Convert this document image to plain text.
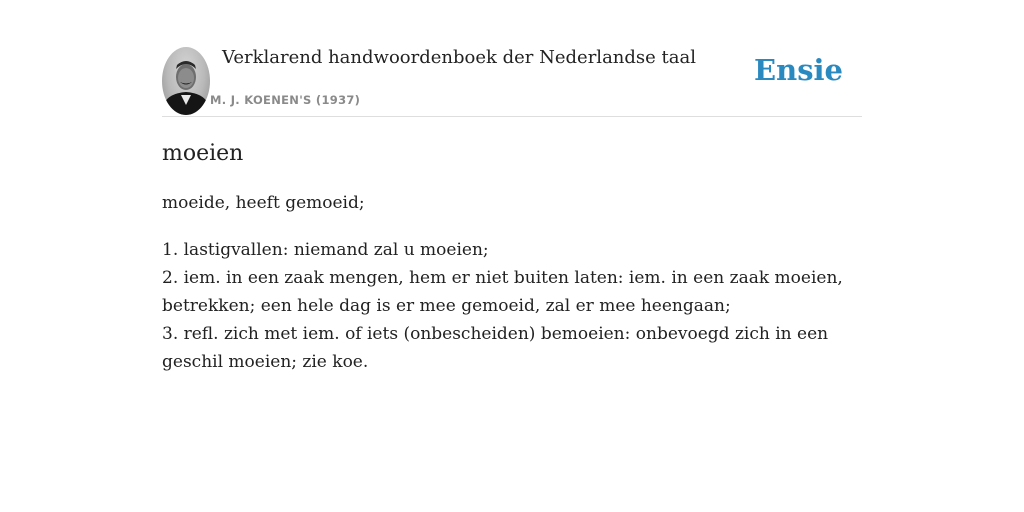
Verklarend handwoordenboek der Nederlandse taal
M. J. KOENEN'S (1937)
Ensie
moeien

moeide, heeft gemoeid;

1. lastigvallen: niemand zal u moeien;
2. iem. in een zaak mengen, hem er niet buiten laten: iem. in een zaak moeien, betrekken; een hele dag is er mee gemoeid, zal er mee heengaan;
3. refl. zich met iem. of iets (onbescheiden) bemoeien: onbevoegd zich in een geschil moeien; zie koe.
